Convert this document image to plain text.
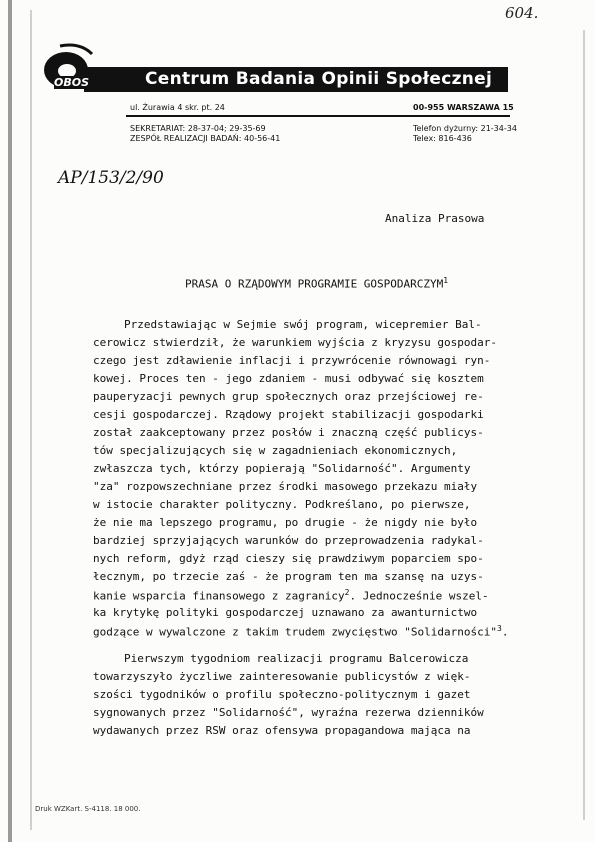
604.
OBOS	Centrum Badania Opinii Społecznej
ul. Żurawia 4 skr. pt. 24	00-955 WARSZAWA 15
SEKRETARIAT: 28-37-04; 29-35-69
ZESPÓŁ REALIZACJI BADAŃ: 40-56-41
Telefon dyżurny: 21-34-34
Telex: 816-436
AP/153/2/90
Analiza Prasowa
PRASA O RZĄDOWYM PROGRAMIE GOSPODARCZYM$^1$
Przedstawiając w Sejmie swój program, wicepremier Bal-
cerowicz stwierdził, że warunkiem wyjścia z kryzysu gospodar-
czego jest zdławienie inflacji i przywrócenie równowagi ryn-
kowej. Proces ten - jego zdaniem - musi odbywać się kosztem
pauperyzacji pewnych grup społecznych oraz przejściowej re-
cesji gospodarczej. Rządowy projekt stabilizacji gospodarki
został zaakceptowany przez posłów i znaczną część publicys-
tów specjalizujących się w zagadnieniach ekonomicznych,
zwłaszcza tych, którzy popierają "Solidarność". Argumenty
"za" rozpowszechniane przez środki masowego przekazu miały
w istocie charakter polityczny. Podkreślano, po pierwsze,
że nie ma lepszego programu, po drugie - że nigdy nie było
bardziej sprzyjających warunków do przeprowadzenia radykal-
nych reform, gdyż rząd cieszy się prawdziwym poparciem spo-
łecznym, po trzecie zaś - że program ten ma szansę na uzys-
kanie wsparcia finansowego z zagranicy$^2$. Jednocześnie wszel-
ka krytykę polityki gospodarczej uznawano za awanturnictwo
godzące w wywalczone z takim trudem zwycięstwo "Solidarności"$^3$.
Pierwszym tygodniom realizacji programu Balcerowicza
towarzyszyło życzliwe zainteresowanie publicystów z więk-
szości tygodników o profilu społeczno-politycznym i gazet
sygnowanych przez "Solidarność", wyraźna rezerwa dzienników
wydawanych przez RSW oraz ofensywa propagandowa mająca na
Druk WZKart. S-4118. 18 000.
